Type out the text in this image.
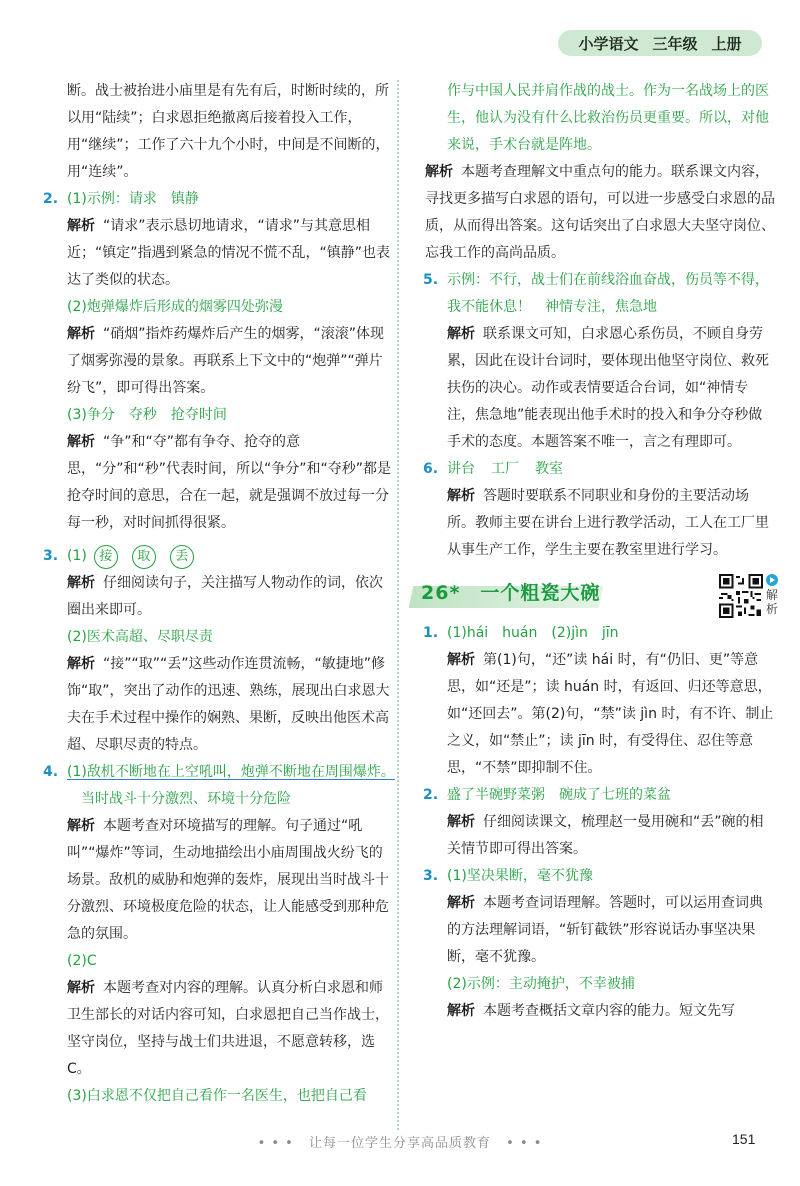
小学语文 三年级 上册

断。战士被抬进小庙里是有先有后，时断时续的，所以用“陆续”；白求恩拒绝撤离后接着投入工作，用“继续”；工作了六十九个小时，中间是不间断的，用“连续”。

2. (1)示例：请求　镇静

解析 “请求”表示恳切地请求，“请求”与其意思相近；“镇定”指遇到紧急的情况不慌不乱，“镇静”也表达了类似的状态。

(2)炮弹爆炸后形成的烟雾四处弥漫

解析 “硝烟”指炸药爆炸后产生的烟雾，“滚滚”体现了烟雾弥漫的景象。再联系上下文中的“炮弹”“弹片纷飞”，即可得出答案。

(3)争分　夺秒　抢夺时间

解析 “争”和“夺”都有争夺、抢夺的意思，“分”和“秒”代表时间，所以“争分”和“夺秒”都是抢夺时间的意思，合在一起，就是强调不放过每一分每一秒，对时间抓得很紧。

3. (1) 接 取 丢

解析 仔细阅读句子，关注描写人物动作的词，依次圈出来即可。

(2)医术高超、尽职尽责

解析 “接”“取”“丢”这些动作连贯流畅，“敏捷地”修饰“取”，突出了动作的迅速、熟练，展现出白求恩大夫在手术过程中操作的娴熟、果断，反映出他医术高超、尽职尽责的特点。

4. (1)敌机不断地在上空吼叫，炮弹不断地在周围爆炸。当时战斗十分激烈、环境十分危险

解析 本题考查对环境描写的理解。句子通过“吼叫”“爆炸”等词，生动地描绘出小庙周围战火纷飞的场景。敌机的威胁和炮弹的轰炸，展现出当时战斗十分激烈、环境极度危险的状态，让人能感受到那种危急的氛围。

(2)C

解析 本题考查对内容的理解。认真分析白求恩和师卫生部长的对话内容可知，白求恩把自己当作战士，坚守岗位，坚持与战士们共进退，不愿意转移，选 C。

(3)白求恩不仅把自己看作一名医生，也把自己看

作与中国人民并肩作战的战士。作为一名战场上的医生，他认为没有什么比救治伤员更重要。所以，对他来说，手术台就是阵地。

解析 本题考查理解文中重点句的能力。联系课文内容，寻找更多描写白求恩的语句，可以进一步感受白求恩的品质，从而得出答案。这句话突出了白求恩大夫坚守岗位、忘我工作的高尚品质。

5. 示例：不行，战士们在前线浴血奋战，伤员等不得，我不能休息！　神情专注，焦急地

解析 联系课文可知，白求恩心系伤员，不顾自身劳累，因此在设计台词时，要体现出他坚守岗位、救死扶伤的决心。动作或表情要适合台词，如“神情专注，焦急地”能表现出他手术时的投入和争分夺秒做手术的态度。本题答案不唯一，言之有理即可。

6. 讲台 工厂 教室

解析 答题时要联系不同职业和身份的主要活动场所。教师主要在讲台上进行教学活动，工人在工厂里从事生产工作，学生主要在教室里进行学习。

26*　一个粗瓷大碗	解析
1. (1)hái　huán　(2)jìn　jīn

解析 第(1)句，“还”读 hái 时，有“仍旧、更”等意思，如“还是”；读 huán 时，有返回、归还等意思，如“还回去”。第(2)句，“禁”读 jìn 时，有不许、制止之义，如“禁止”；读 jīn 时，有受得住、忍住等意思，“不禁”即抑制不住。

2. 盛了半碗野菜粥　碗成了七班的菜盆

解析 仔细阅读课文，梳理赵一曼用碗和“丢”碗的相关情节即可得出答案。

3. (1)坚决果断，毫不犹豫

解析 本题考查词语理解。答题时，可以运用查词典的方法理解词语，“斩钉截铁”形容说话办事坚决果断，毫不犹豫。

(2)示例：主动掩护，不幸被捕

解析 本题考查概括文章内容的能力。短文先写

• • • 让每一位学生分享高品质教育 • • •	151
